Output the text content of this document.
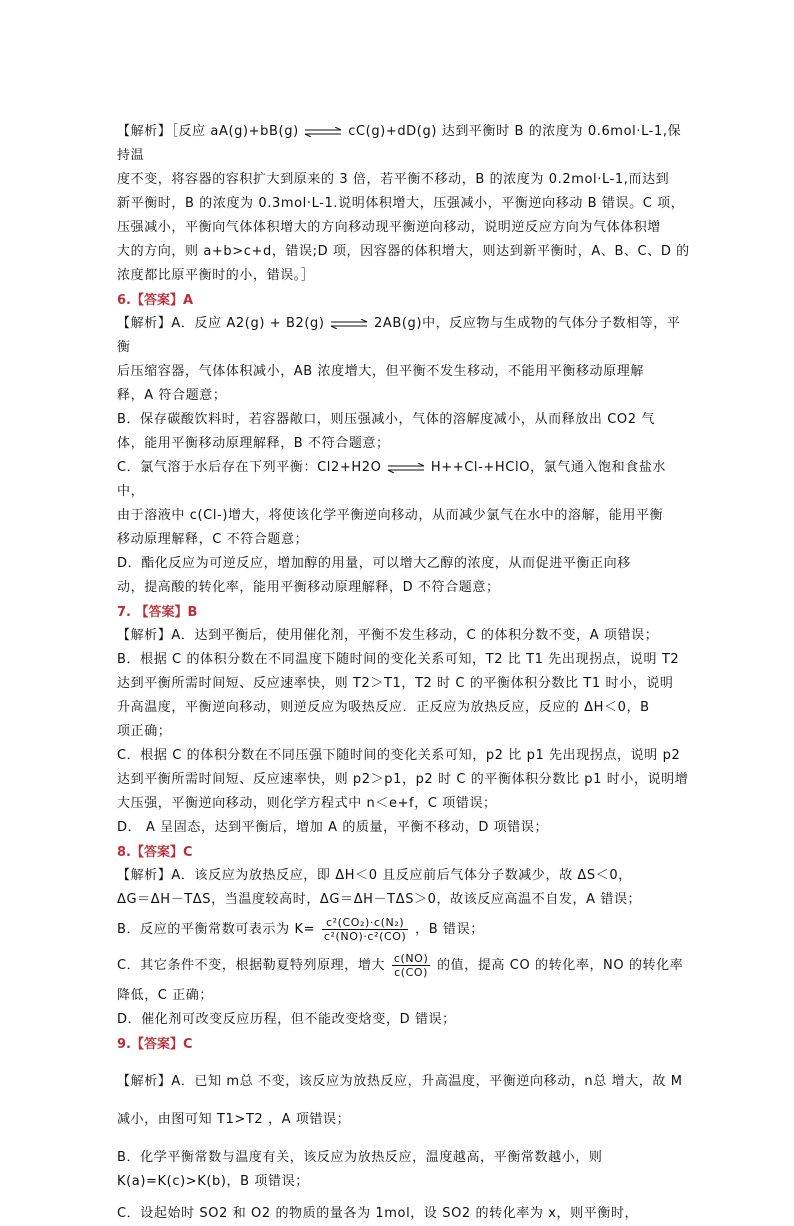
【解析】［反应 aA(g)+bB(g) ⇌ cC(g)+dD(g) 达到平衡时 B 的浓度为 0.6mol·L-1,保持温

度不变，将容器的容积扩大到原来的 3 倍，若平衡不移动，B 的浓度为 0.2mol·L-1,而达到

新平衡时，B 的浓度为 0.3mol·L-1.说明体积增大，压强减小，平衡逆向移动 B 错误。C 项，

压强减小，平衡向气体体积增大的方向移动现平衡逆向移动，说明逆反应方向为气体体积增

大的方向，则 a+b>c+d，错误;D 项，因容器的体积增大，则达到新平衡时，A、B、C、D 的

浓度都比原平衡时的小，错误。］

6.【答案】A

【解析】A．反应 A2(g) + B2(g) ⇌ 2AB(g)中，反应物与生成物的气体分子数相等，平衡

后压缩容器，气体体积减小，AB 浓度增大，但平衡不发生移动，不能用平衡移动原理解

释，A 符合题意；

B．保存碳酸饮料时，若容器敞口，则压强减小，气体的溶解度减小，从而释放出 CO2 气

体，能用平衡移动原理解释，B 不符合题意；

C．氯气溶于水后存在下列平衡：Cl2+H2O ⇌ H++Cl-+HClO，氯气通入饱和食盐水中，

由于溶液中 c(Cl-)增大，将使该化学平衡逆向移动，从而减少氯气在水中的溶解，能用平衡

移动原理解释，C 不符合题意；

D．酯化反应为可逆反应，增加醇的用量，可以增大乙醇的浓度，从而促进平衡正向移

动，提高酸的转化率，能用平衡移动原理解释，D 不符合题意；

7. 【答案】B

【解析】A．达到平衡后，使用催化剂，平衡不发生移动，C 的体积分数不变，A 项错误；

B．根据 C 的体积分数在不同温度下随时间的变化关系可知，T2 比 T1 先出现拐点，说明 T2

达到平衡所需时间短、反应速率快，则 T2＞T1，T2 时 C 的平衡体积分数比 T1 时小，说明

升高温度，平衡逆向移动，则逆反应为吸热反应．正反应为放热反应，反应的 ΔH＜0，B

项正确；

C．根据 C 的体积分数在不同压强下随时间的变化关系可知，p2 比 p1 先出现拐点，说明 p2

达到平衡所需时间短、反应速率快，则 p2＞p1，p2 时 C 的平衡体积分数比 p1 时小，说明增

大压强，平衡逆向移动，则化学方程式中 n＜e+f，C 项错误；

D． A 呈固态，达到平衡后，增加 A 的质量，平衡不移动，D 项错误；

8.【答案】C

【解析】A．该反应为放热反应，即 ΔH＜0 且反应前后气体分子数减少，故 ΔS＜0，

ΔG＝ΔH－TΔS，当温度较高时，ΔG＝ΔH－TΔS＞0，故该反应高温不自发，A 错误；

B．反应的平衡常数可表示为 $K= \frac{\text{c²(CO₂)·c(N₂)}}{\text{c²(NO)·c²(CO)}}$ ，B 错误；

C．其它条件不变，根据勒夏特列原理，增大 $\frac{c(NO)}{c(CO)}$ 的值，提高 CO 的转化率，NO 的转化率

降低，C 正确；

D．催化剂可改变反应历程，但不能改变焓变，D 错误；

9.【答案】C

【解析】A．已知 m总 不变，该反应为放热反应，升高温度，平衡逆向移动，n总 增大，故 M

减小，由图可知 T1>T2 ，A 项错误；

B．化学平衡常数与温度有关，该反应为放热反应，温度越高，平衡常数越小，则

K(a)=K(c)>K(b)，B 项错误；

C．设起始时 SO2 和 O2 的物质的量各为 1mol，设 SO2 的转化率为 x，则平衡时，
